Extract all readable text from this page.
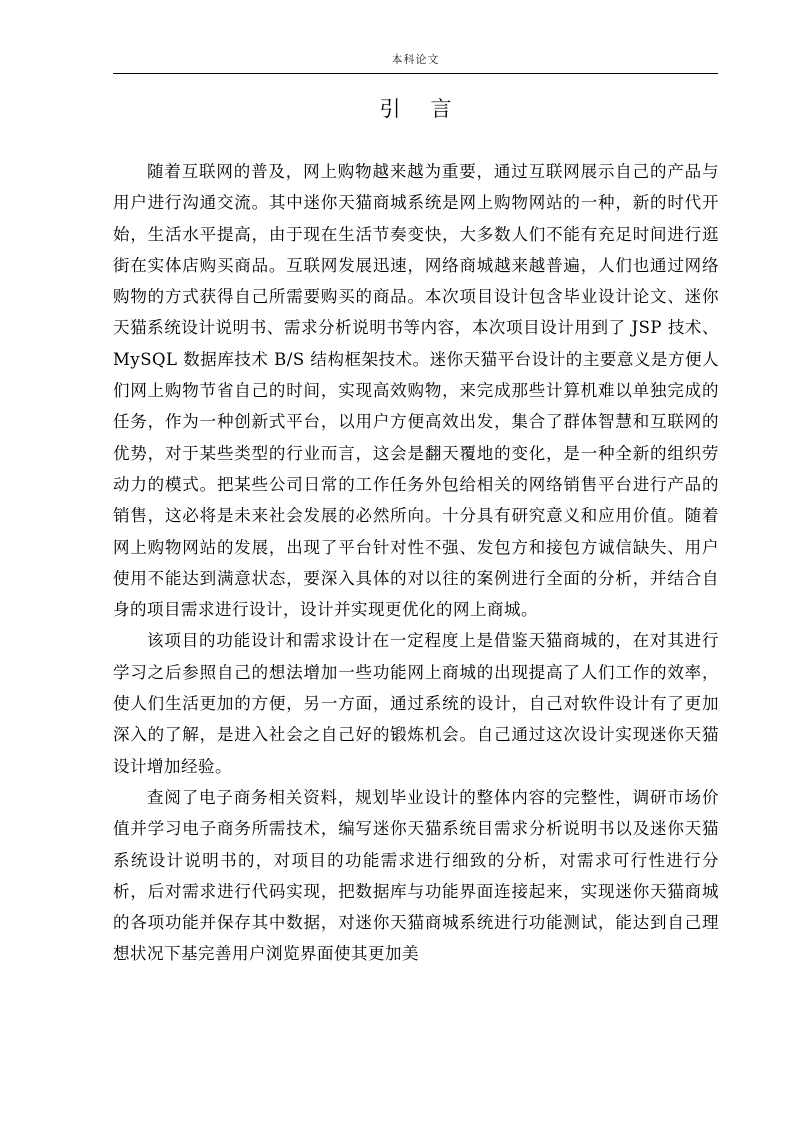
本科论文
引言

随着互联网的普及，网上购物越来越为重要，通过互联网展示自己的产品与用户进行沟通交流。其中迷你天猫商城系统是网上购物网站的一种，新的时代开始，生活水平提高，由于现在生活节奏变快，大多数人们不能有充足时间进行逛街在实体店购买商品。互联网发展迅速，网络商城越来越普遍，人们也通过网络购物的方式获得自己所需要购买的商品。本次项目设计包含毕业设计论文、迷你天猫系统设计说明书、需求分析说明书等内容，本次项目设计用到了 JSP 技术、MySQL 数据库技术 B/S 结构框架技术。迷你天猫平台设计的主要意义是方便人们网上购物节省自己的时间，实现高效购物，来完成那些计算机难以单独完成的任务，作为一种创新式平台，以用户方便高效出发，集合了群体智慧和互联网的优势，对于某些类型的行业而言，这会是翻天覆地的变化，是一种全新的组织劳动力的模式。把某些公司日常的工作任务外包给相关的网络销售平台进行产品的销售，这必将是未来社会发展的必然所向。十分具有研究意义和应用价值。随着网上购物网站的发展，出现了平台针对性不强、发包方和接包方诚信缺失、用户使用不能达到满意状态，要深入具体的对以往的案例进行全面的分析，并结合自身的项目需求进行设计，设计并实现更优化的网上商城。

该项目的功能设计和需求设计在一定程度上是借鉴天猫商城的，在对其进行学习之后参照自己的想法增加一些功能网上商城的出现提高了人们工作的效率，使人们生活更加的方便，另一方面，通过系统的设计，自己对软件设计有了更加深入的了解，是进入社会之自己好的锻炼机会。自己通过这次设计实现迷你天猫设计增加经验。

查阅了电子商务相关资料，规划毕业设计的整体内容的完整性，调研市场价值并学习电子商务所需技术，编写迷你天猫系统目需求分析说明书以及迷你天猫系统设计说明书的，对项目的功能需求进行细致的分析，对需求可行性进行分析，后对需求进行代码实现，把数据库与功能界面连接起来，实现迷你天猫商城的各项功能并保存其中数据，对迷你天猫商城系统进行功能测试，能达到自己理想状况下基完善用户浏览界面使其更加美
